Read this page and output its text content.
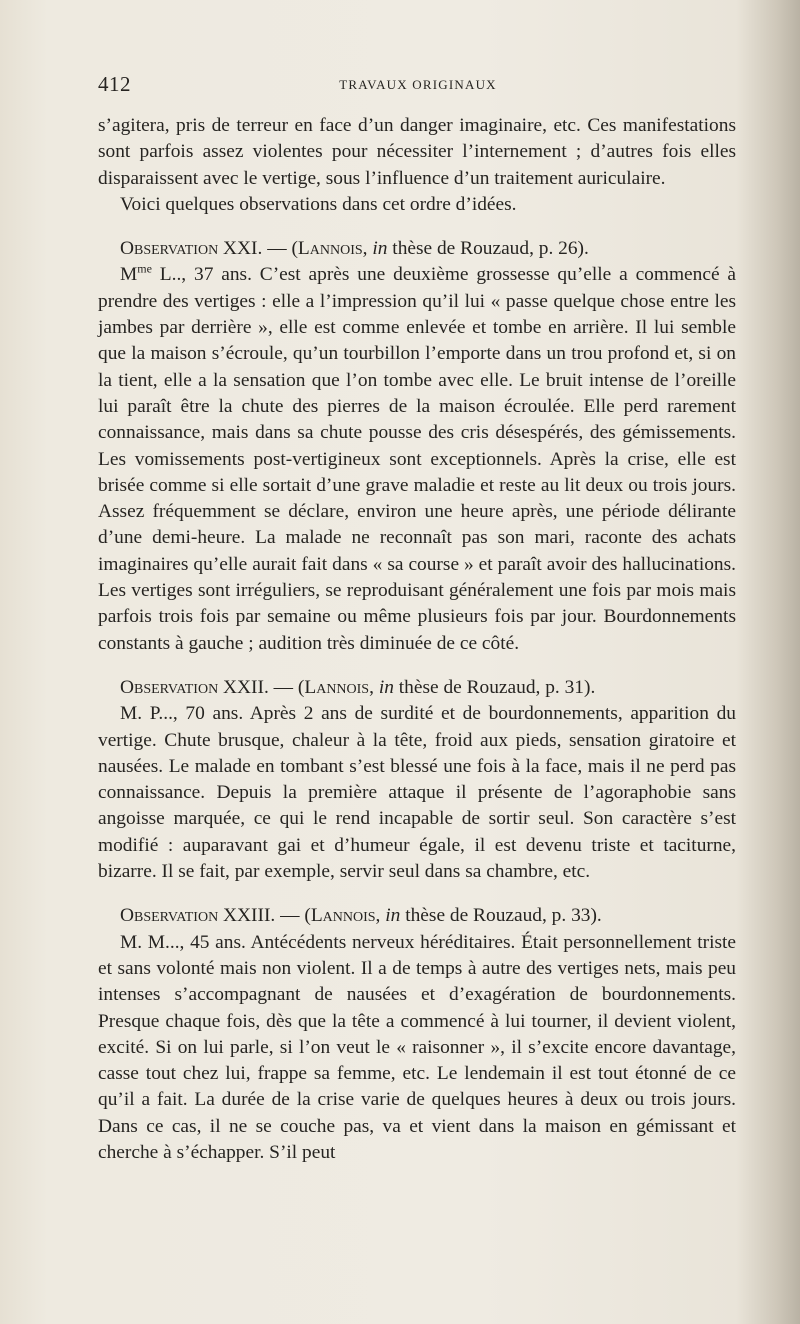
412	TRAVAUX ORIGINAUX

s’agitera, pris de terreur en face d’un danger imaginaire, etc. Ces manifestations sont parfois assez violentes pour nécessiter l’internement ; d’autres fois elles disparaissent avec le vertige, sous l’influence d’un traitement auriculaire.

Voici quelques observations dans cet ordre d’idées.

Observation XXI. — (Lannois, in thèse de Rouzaud, p. 26).

$M^{me}$ L.., 37 ans. C’est après une deuxième grossesse qu’elle a commencé à prendre des vertiges : elle a l’impression qu’il lui « passe quelque chose entre les jambes par derrière », elle est comme enlevée et tombe en arrière. Il lui semble que la maison s’écroule, qu’un tourbillon l’emporte dans un trou profond et, si on la tient, elle a la sensation que l’on tombe avec elle. Le bruit intense de l’oreille lui paraît être la chute des pierres de la maison écroulée. Elle perd rarement connaissance, mais dans sa chute pousse des cris désespérés, des gémissements. Les vomissements post-vertigineux sont exceptionnels. Après la crise, elle est brisée comme si elle sortait d’une grave maladie et reste au lit deux ou trois jours. Assez fréquemment se déclare, environ une heure après, une période délirante d’une demi-heure. La malade ne reconnaît pas son mari, raconte des achats imaginaires qu’elle aurait fait dans « sa course » et paraît avoir des hallucinations. Les vertiges sont irréguliers, se reproduisant généralement une fois par mois mais parfois trois fois par semaine ou même plusieurs fois par jour. Bourdonnements constants à gauche ; audition très diminuée de ce côté.

Observation XXII. — (Lannois, in thèse de Rouzaud, p. 31).

M. P..., 70 ans. Après 2 ans de surdité et de bourdonnements, apparition du vertige. Chute brusque, chaleur à la tête, froid aux pieds, sensation giratoire et nausées. Le malade en tombant s’est blessé une fois à la face, mais il ne perd pas connaissance. Depuis la première attaque il présente de l’agoraphobie sans angoisse marquée, ce qui le rend incapable de sortir seul. Son caractère s’est modifié : auparavant gai et d’humeur égale, il est devenu triste et taciturne, bizarre. Il se fait, par exemple, servir seul dans sa chambre, etc.

Observation XXIII. — (Lannois, in thèse de Rouzaud, p. 33).

M. M..., 45 ans. Antécédents nerveux héréditaires. Était personnellement triste et sans volonté mais non violent. Il a de temps à autre des vertiges nets, mais peu intenses s’accompagnant de nausées et d’exagération de bourdonnements. Presque chaque fois, dès que la tête a commencé à lui tourner, il devient violent, excité. Si on lui parle, si l’on veut le « raisonner », il s’excite encore davantage, casse tout chez lui, frappe sa femme, etc. Le lendemain il est tout étonné de ce qu’il a fait. La durée de la crise varie de quelques heures à deux ou trois jours. Dans ce cas, il ne se couche pas, va et vient dans la maison en gémissant et cherche à s’échapper. S’il peut
